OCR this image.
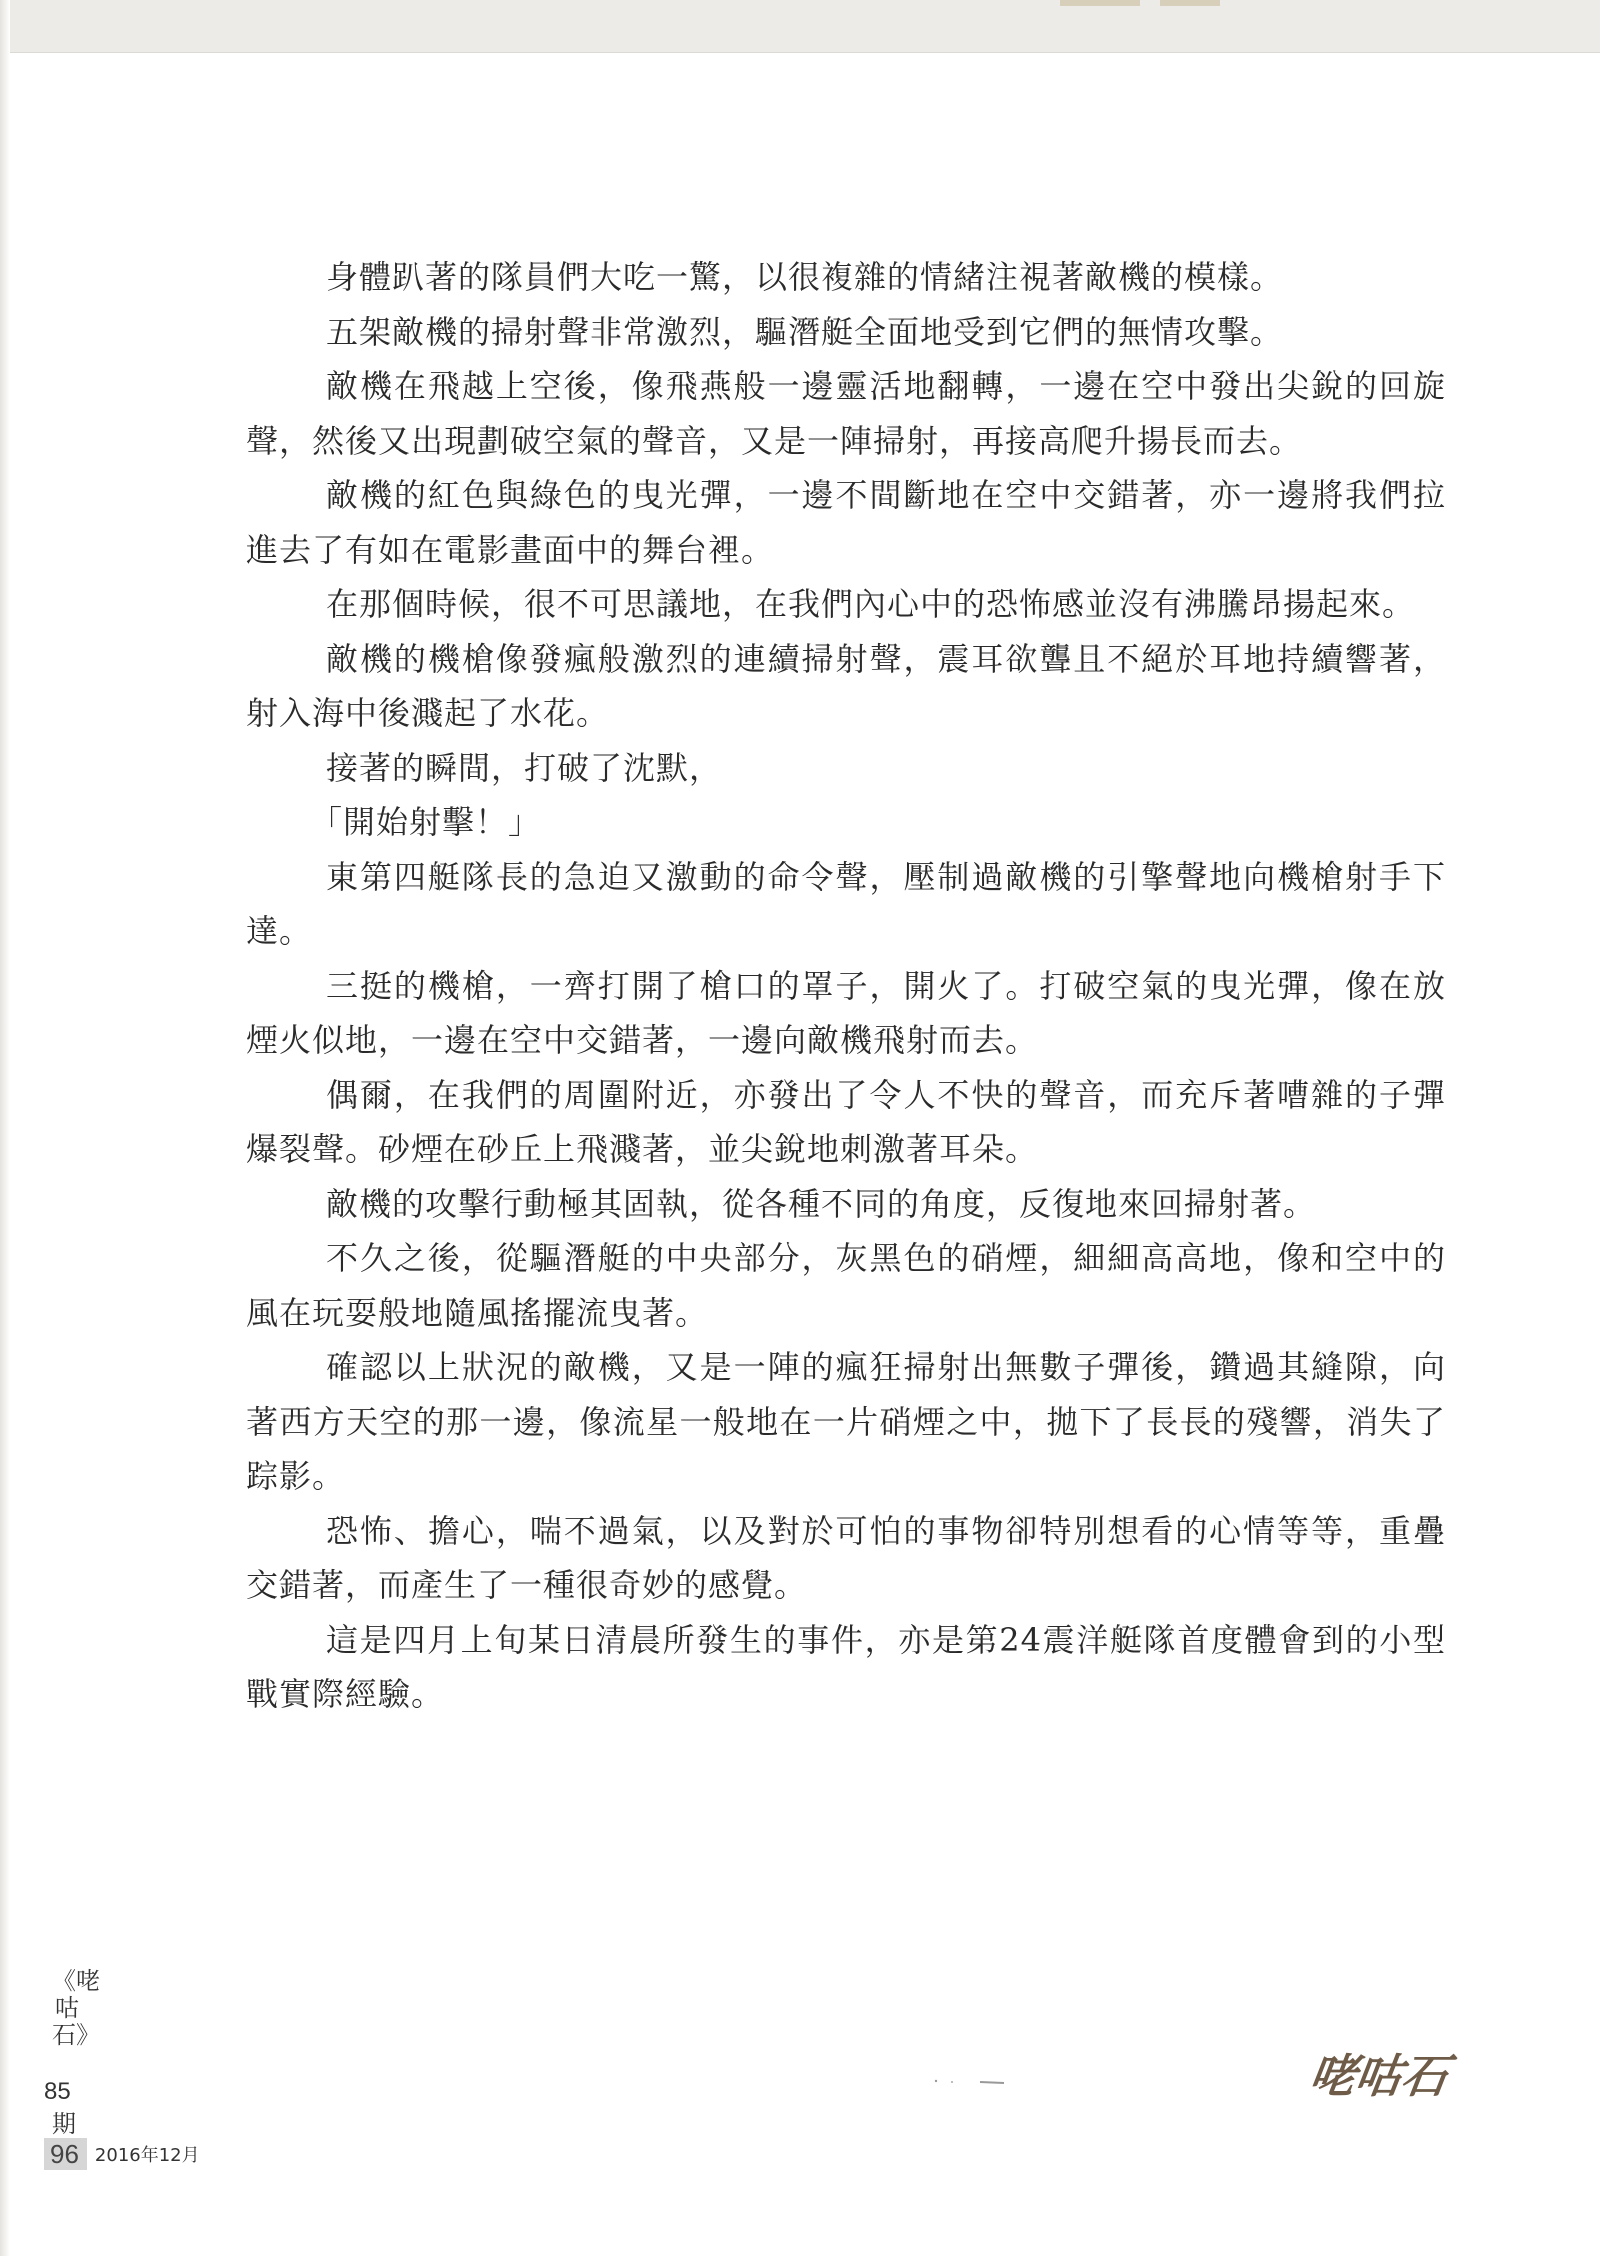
身體趴著的隊員們大吃一驚，以很複雜的情緒注視著敵機的模樣。

五架敵機的掃射聲非常激烈，驅潛艇全面地受到它們的無情攻擊。

敵機在飛越上空後，像飛燕般一邊靈活地翻轉，一邊在空中發出尖銳的回旋聲，然後又出現劃破空氣的聲音，又是一陣掃射，再接高爬升揚長而去。

敵機的紅色與綠色的曳光彈，一邊不間斷地在空中交錯著，亦一邊將我們拉進去了有如在電影畫面中的舞台裡。

在那個時候，很不可思議地，在我們內心中的恐怖感並沒有沸騰昂揚起來。

敵機的機槍像發瘋般激烈的連續掃射聲，震耳欲聾且不絕於耳地持續響著，射入海中後濺起了水花。

接著的瞬間，打破了沈默，

「開始射擊！」

東第四艇隊長的急迫又激動的命令聲，壓制過敵機的引擎聲地向機槍射手下達。

三挺的機槍，一齊打開了槍口的罩子，開火了。打破空氣的曳光彈，像在放煙火似地，一邊在空中交錯著，一邊向敵機飛射而去。

偶爾，在我們的周圍附近，亦發出了令人不快的聲音，而充斥著嘈雜的子彈爆裂聲。砂煙在砂丘上飛濺著，並尖銳地刺激著耳朵。

敵機的攻擊行動極其固執，從各種不同的角度，反復地來回掃射著。

不久之後，從驅潛艇的中央部分，灰黑色的硝煙，細細高高地，像和空中的風在玩耍般地隨風搖擺流曳著。

確認以上狀況的敵機，又是一陣的瘋狂掃射出無數子彈後，鑽過其縫隙，向著西方天空的那一邊，像流星一般地在一片硝煙之中，拋下了長長的殘響，消失了踪影。

恐怖、擔心，喘不過氣，以及對於可怕的事物卻特別想看的心情等等，重疊交錯著，而產生了一種很奇妙的感覺。

這是四月上旬某日清晨所發生的事件，亦是第24震洋艇隊首度體會到的小型戰實際經驗。

咾咕石
《咾咕石》
85
期
96 2016年12月
